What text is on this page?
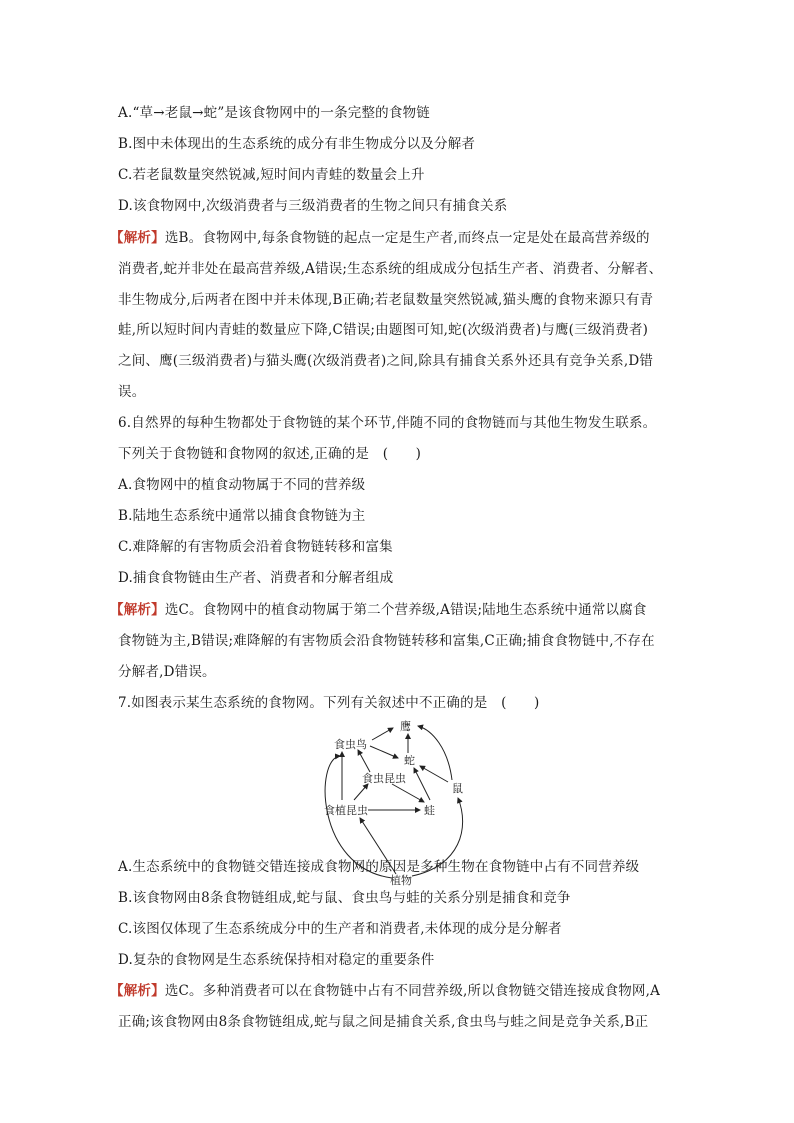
A.“草→老鼠→蛇”是该食物网中的一条完整的食物链
B.图中未体现出的生态系统的成分有非生物成分以及分解者
C.若老鼠数量突然锐减,短时间内青蛙的数量会上升
D.该食物网中,次级消费者与三级消费者的生物之间只有捕食关系
【解析】选B。食物网中,每条食物链的起点一定是生产者,而终点一定是处在最高营养级的
消费者,蛇并非处在最高营养级,A错误;生态系统的组成成分包括生产者、消费者、分解者、
非生物成分,后两者在图中并未体现,B正确;若老鼠数量突然锐减,猫头鹰的食物来源只有青
蛙,所以短时间内青蛙的数量应下降,C错误;由题图可知,蛇(次级消费者)与鹰(三级消费者)
之间、鹰(三级消费者)与猫头鹰(次级消费者)之间,除具有捕食关系外还具有竞争关系,D错
误。
6.自然界的每种生物都处于食物链的某个环节,伴随不同的食物链而与其他生物发生联系。
下列关于食物链和食物网的叙述,正确的是　(　　)
A.食物网中的植食动物属于不同的营养级
B.陆地生态系统中通常以捕食食物链为主
C.难降解的有害物质会沿着食物链转移和富集
D.捕食食物链由生产者、消费者和分解者组成
【解析】选C。食物网中的植食动物属于第二个营养级,A错误;陆地生态系统中通常以腐食
食物链为主,B错误;难降解的有害物质会沿食物链转移和富集,C正确;捕食食物链中,不存在
分解者,D错误。
7.如图表示某生态系统的食物网。下列有关叙述中不正确的是　(　　)
鹰
食虫鸟
蛇
食虫昆虫
鼠
食植昆虫	蛙
植物
A.生态系统中的食物链交错连接成食物网的原因是多种生物在食物链中占有不同营养级
B.该食物网由8条食物链组成,蛇与鼠、食虫鸟与蛙的关系分别是捕食和竞争
C.该图仅体现了生态系统成分中的生产者和消费者,未体现的成分是分解者
D.复杂的食物网是生态系统保持相对稳定的重要条件
【解析】选C。多种消费者可以在食物链中占有不同营养级,所以食物链交错连接成食物网,A
正确;该食物网由8条食物链组成,蛇与鼠之间是捕食关系,食虫鸟与蛙之间是竞争关系,B正
